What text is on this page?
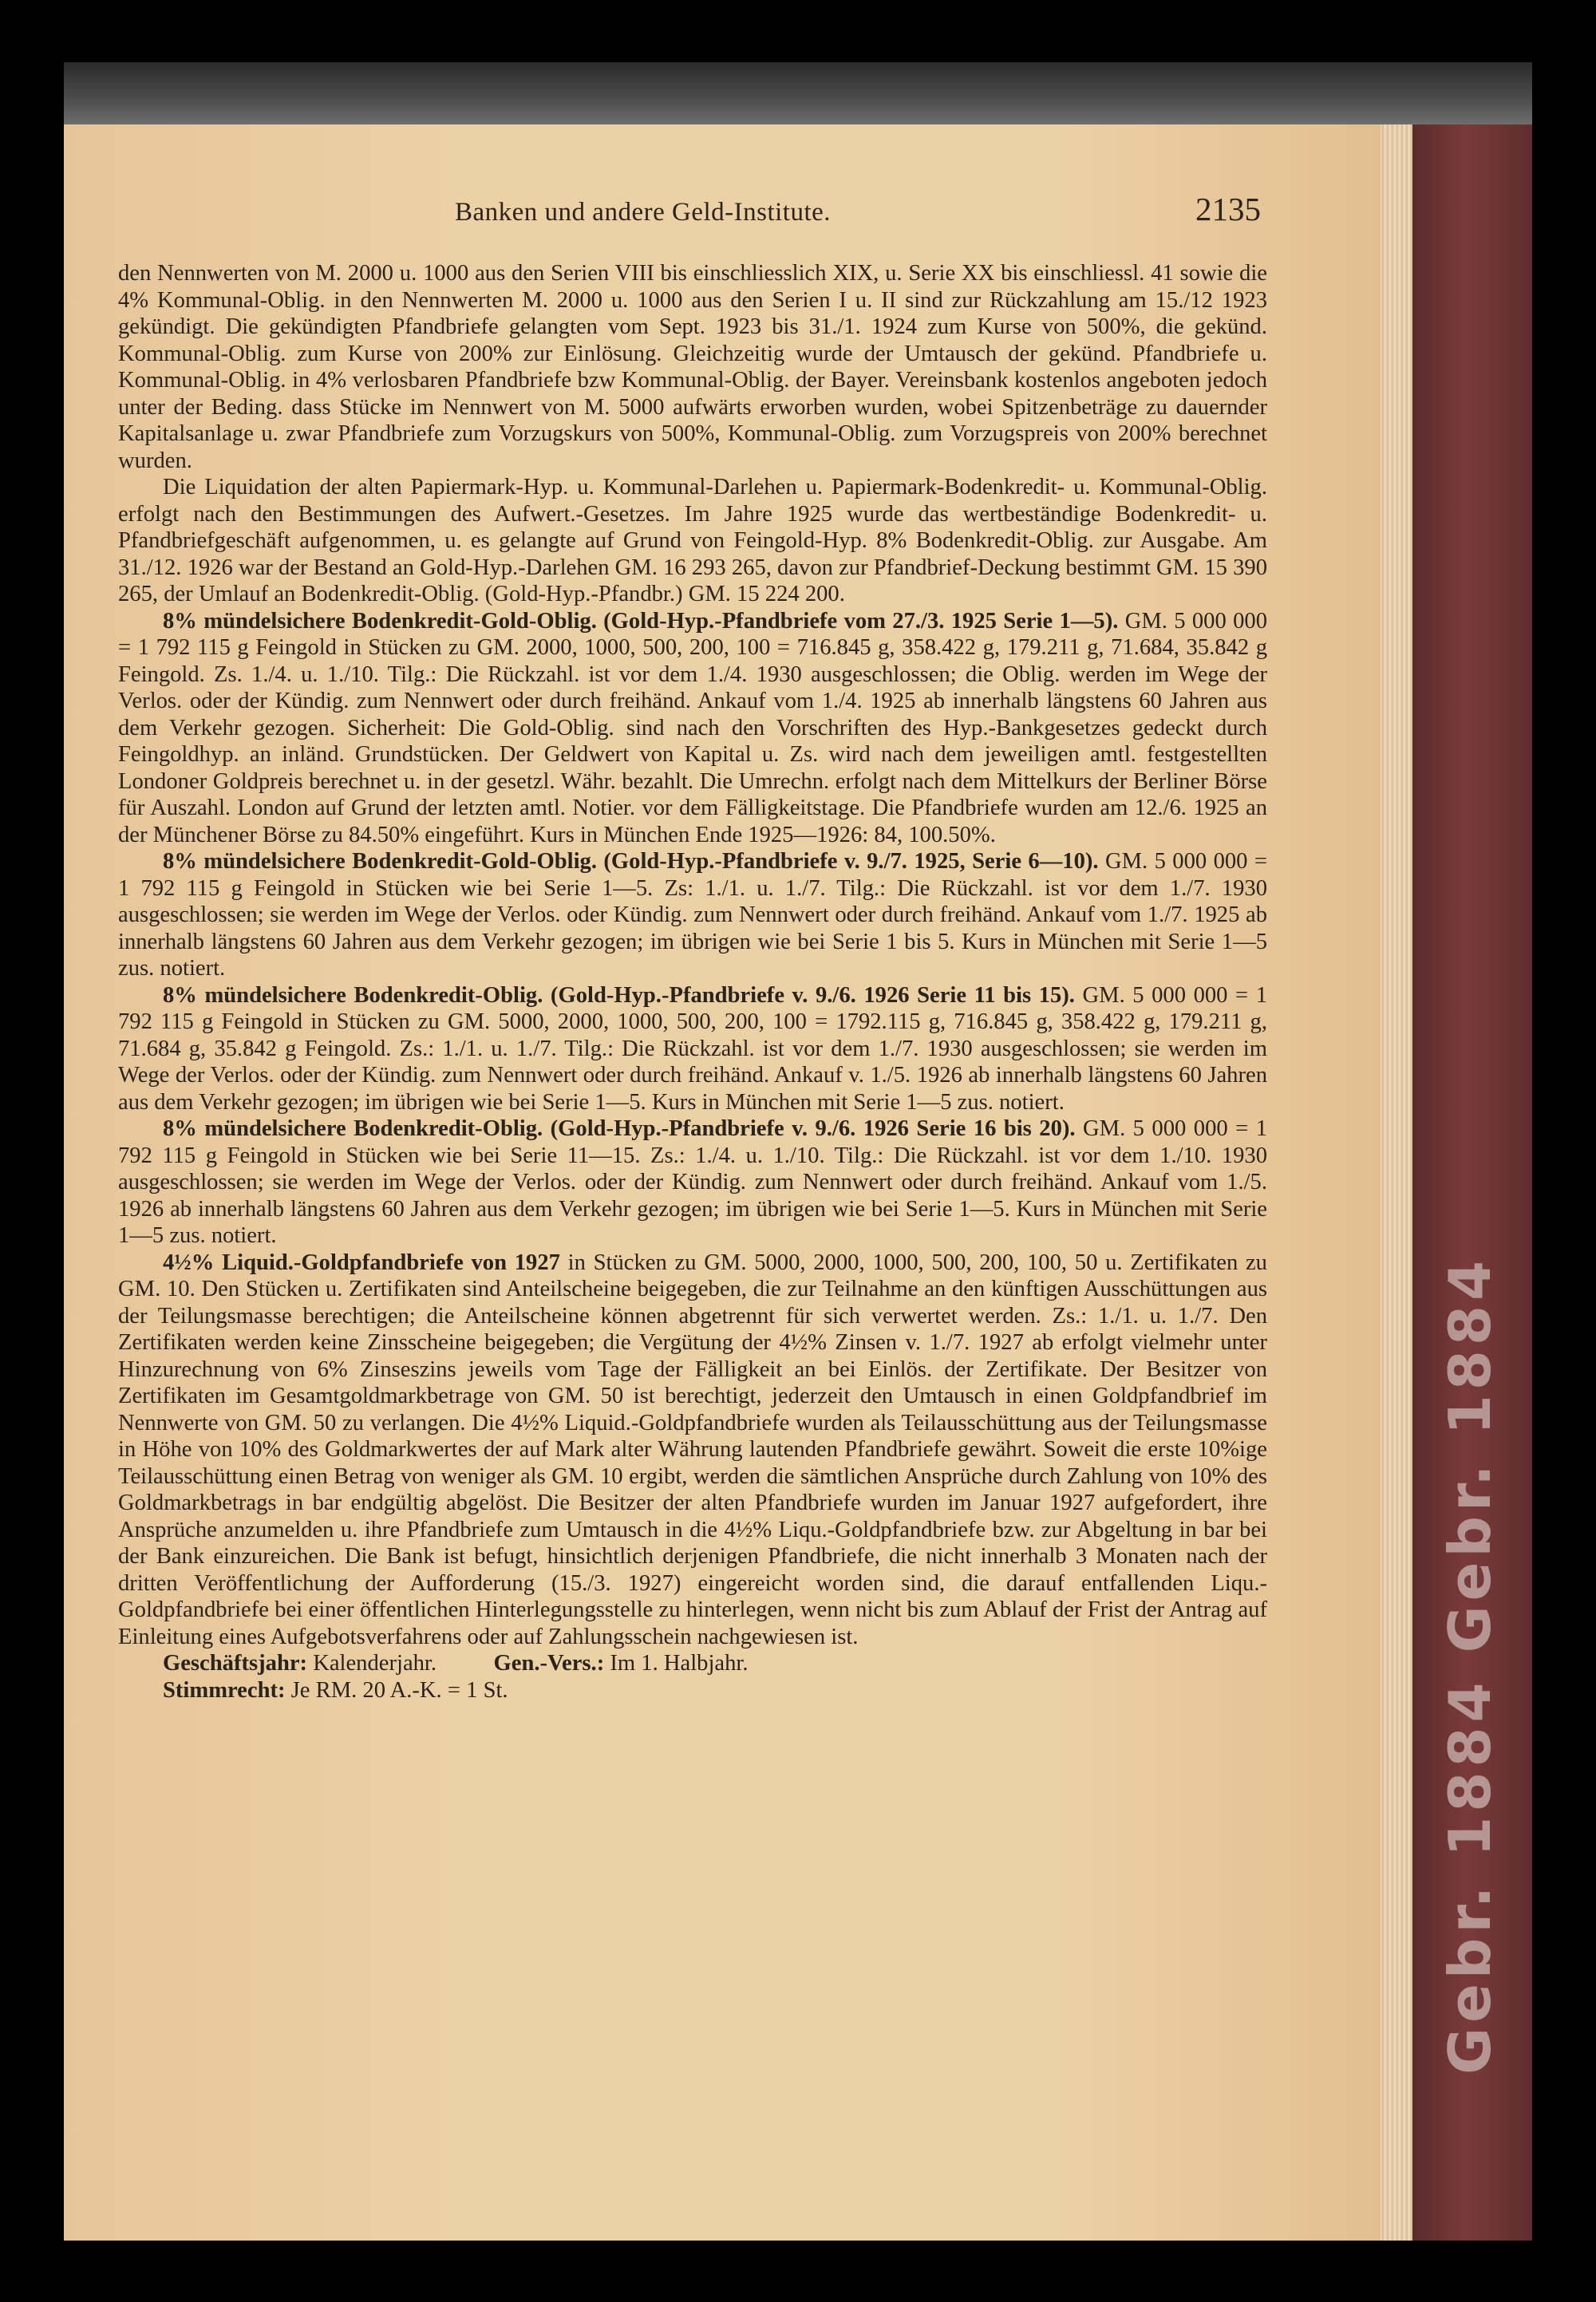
Gebr. 1884 Gebr. 1884
Banken und andere Geld-Institute.	2135

den Nennwerten von M. 2000 u. 1000 aus den Serien VIII bis einschliesslich XIX, u. Serie XX bis einschliessl. 41 sowie die 4% Kommunal-Oblig. in den Nennwerten M. 2000 u. 1000 aus den Serien I u. II sind zur Rückzahlung am 15./12 1923 gekündigt. Die gekündigten Pfandbriefe gelangten vom Sept. 1923 bis 31./1. 1924 zum Kurse von 500%, die gekünd. Kommunal-Oblig. zum Kurse von 200% zur Einlösung. Gleichzeitig wurde der Umtausch der gekünd. Pfandbriefe u. Kommunal-Oblig. in 4% verlosbaren Pfandbriefe bzw Kommunal-Oblig. der Bayer. Vereinsbank kostenlos angeboten jedoch unter der Beding. dass Stücke im Nennwert von M. 5000 aufwärts erworben wurden, wobei Spitzenbeträge zu dauernder Kapitalsanlage u. zwar Pfandbriefe zum Vorzugskurs von 500%, Kommunal-Oblig. zum Vorzugspreis von 200% berechnet wurden.

Die Liquidation der alten Papiermark-Hyp. u. Kommunal-Darlehen u. Papiermark-Bodenkredit- u. Kommunal-Oblig. erfolgt nach den Bestimmungen des Aufwert.-Gesetzes. Im Jahre 1925 wurde das wertbeständige Bodenkredit- u. Pfandbriefgeschäft aufgenommen, u. es gelangte auf Grund von Feingold-Hyp. 8% Bodenkredit-Oblig. zur Ausgabe. Am 31./12. 1926 war der Bestand an Gold-Hyp.-Darlehen GM. 16 293 265, davon zur Pfandbrief-Deckung bestimmt GM. 15 390 265, der Umlauf an Bodenkredit-Oblig. (Gold-Hyp.-Pfandbr.) GM. 15 224 200.

8% mündelsichere Bodenkredit-Gold-Oblig. (Gold-Hyp.-Pfandbriefe vom 27./3. 1925 Serie 1—5). GM. 5 000 000 = 1 792 115 g Feingold in Stücken zu GM. 2000, 1000, 500, 200, 100 = 716.845 g, 358.422 g, 179.211 g, 71.684, 35.842 g Feingold. Zs. 1./4. u. 1./10. Tilg.: Die Rückzahl. ist vor dem 1./4. 1930 ausgeschlossen; die Oblig. werden im Wege der Verlos. oder der Kündig. zum Nennwert oder durch freihänd. Ankauf vom 1./4. 1925 ab innerhalb längstens 60 Jahren aus dem Verkehr gezogen. Sicherheit: Die Gold-Oblig. sind nach den Vorschriften des Hyp.-Bankgesetzes gedeckt durch Feingoldhyp. an inländ. Grundstücken. Der Geldwert von Kapital u. Zs. wird nach dem jeweiligen amtl. festgestellten Londoner Goldpreis berechnet u. in der gesetzl. Währ. bezahlt. Die Umrechn. erfolgt nach dem Mittelkurs der Berliner Börse für Auszahl. London auf Grund der letzten amtl. Notier. vor dem Fälligkeitstage. Die Pfandbriefe wurden am 12./6. 1925 an der Münchener Börse zu 84.50% eingeführt. Kurs in München Ende 1925—1926: 84, 100.50%.

8% mündelsichere Bodenkredit-Gold-Oblig. (Gold-Hyp.-Pfandbriefe v. 9./7. 1925, Serie 6—10). GM. 5 000 000 = 1 792 115 g Feingold in Stücken wie bei Serie 1—5. Zs: 1./1. u. 1./7. Tilg.: Die Rückzahl. ist vor dem 1./7. 1930 ausgeschlossen; sie werden im Wege der Verlos. oder Kündig. zum Nennwert oder durch freihänd. Ankauf vom 1./7. 1925 ab innerhalb längstens 60 Jahren aus dem Verkehr gezogen; im übrigen wie bei Serie 1 bis 5. Kurs in München mit Serie 1—5 zus. notiert.

8% mündelsichere Bodenkredit-Oblig. (Gold-Hyp.-Pfandbriefe v. 9./6. 1926 Serie 11 bis 15). GM. 5 000 000 = 1 792 115 g Feingold in Stücken zu GM. 5000, 2000, 1000, 500, 200, 100 = 1792.115 g, 716.845 g, 358.422 g, 179.211 g, 71.684 g, 35.842 g Feingold. Zs.: 1./1. u. 1./7. Tilg.: Die Rückzahl. ist vor dem 1./7. 1930 ausgeschlossen; sie werden im Wege der Verlos. oder der Kündig. zum Nennwert oder durch freihänd. Ankauf v. 1./5. 1926 ab innerhalb längstens 60 Jahren aus dem Verkehr gezogen; im übrigen wie bei Serie 1—5. Kurs in München mit Serie 1—5 zus. notiert.

8% mündelsichere Bodenkredit-Oblig. (Gold-Hyp.-Pfandbriefe v. 9./6. 1926 Serie 16 bis 20). GM. 5 000 000 = 1 792 115 g Feingold in Stücken wie bei Serie 11—15. Zs.: 1./4. u. 1./10. Tilg.: Die Rückzahl. ist vor dem 1./10. 1930 ausgeschlossen; sie werden im Wege der Verlos. oder der Kündig. zum Nennwert oder durch freihänd. Ankauf vom 1./5. 1926 ab innerhalb längstens 60 Jahren aus dem Verkehr gezogen; im übrigen wie bei Serie 1—5. Kurs in München mit Serie 1—5 zus. notiert.

4½% Liquid.-Goldpfandbriefe von 1927 in Stücken zu GM. 5000, 2000, 1000, 500, 200, 100, 50 u. Zertifikaten zu GM. 10. Den Stücken u. Zertifikaten sind Anteilscheine beigegeben, die zur Teilnahme an den künftigen Ausschüttungen aus der Teilungsmasse berechtigen; die Anteilscheine können abgetrennt für sich verwertet werden. Zs.: 1./1. u. 1./7. Den Zertifikaten werden keine Zinsscheine beigegeben; die Vergütung der 4½% Zinsen v. 1./7. 1927 ab erfolgt vielmehr unter Hinzurechnung von 6% Zinseszins jeweils vom Tage der Fälligkeit an bei Einlös. der Zertifikate. Der Besitzer von Zertifikaten im Gesamtgoldmarkbetrage von GM. 50 ist berechtigt, jederzeit den Umtausch in einen Goldpfandbrief im Nennwerte von GM. 50 zu verlangen. Die 4½% Liquid.-Goldpfandbriefe wurden als Teilausschüttung aus der Teilungsmasse in Höhe von 10% des Goldmarkwertes der auf Mark alter Währung lautenden Pfandbriefe gewährt. Soweit die erste 10%ige Teilausschüttung einen Betrag von weniger als GM. 10 ergibt, werden die sämtlichen Ansprüche durch Zahlung von 10% des Goldmarkbetrags in bar endgültig abgelöst. Die Besitzer der alten Pfandbriefe wurden im Januar 1927 aufgefordert, ihre Ansprüche anzumelden u. ihre Pfandbriefe zum Umtausch in die 4½% Liqu.-Goldpfandbriefe bzw. zur Abgeltung in bar bei der Bank einzureichen. Die Bank ist befugt, hinsichtlich derjenigen Pfandbriefe, die nicht innerhalb 3 Monaten nach der dritten Veröffentlichung der Aufforderung (15./3. 1927) eingereicht worden sind, die darauf entfallenden Liqu.-Goldpfandbriefe bei einer öffentlichen Hinterlegungsstelle zu hinterlegen, wenn nicht bis zum Ablauf der Frist der Antrag auf Einleitung eines Aufgebotsverfahrens oder auf Zahlungsschein nachgewiesen ist.

Geschäftsjahr: Kalenderjahr. Gen.-Vers.: Im 1. Halbjahr.

Stimmrecht: Je RM. 20 A.-K. = 1 St.
